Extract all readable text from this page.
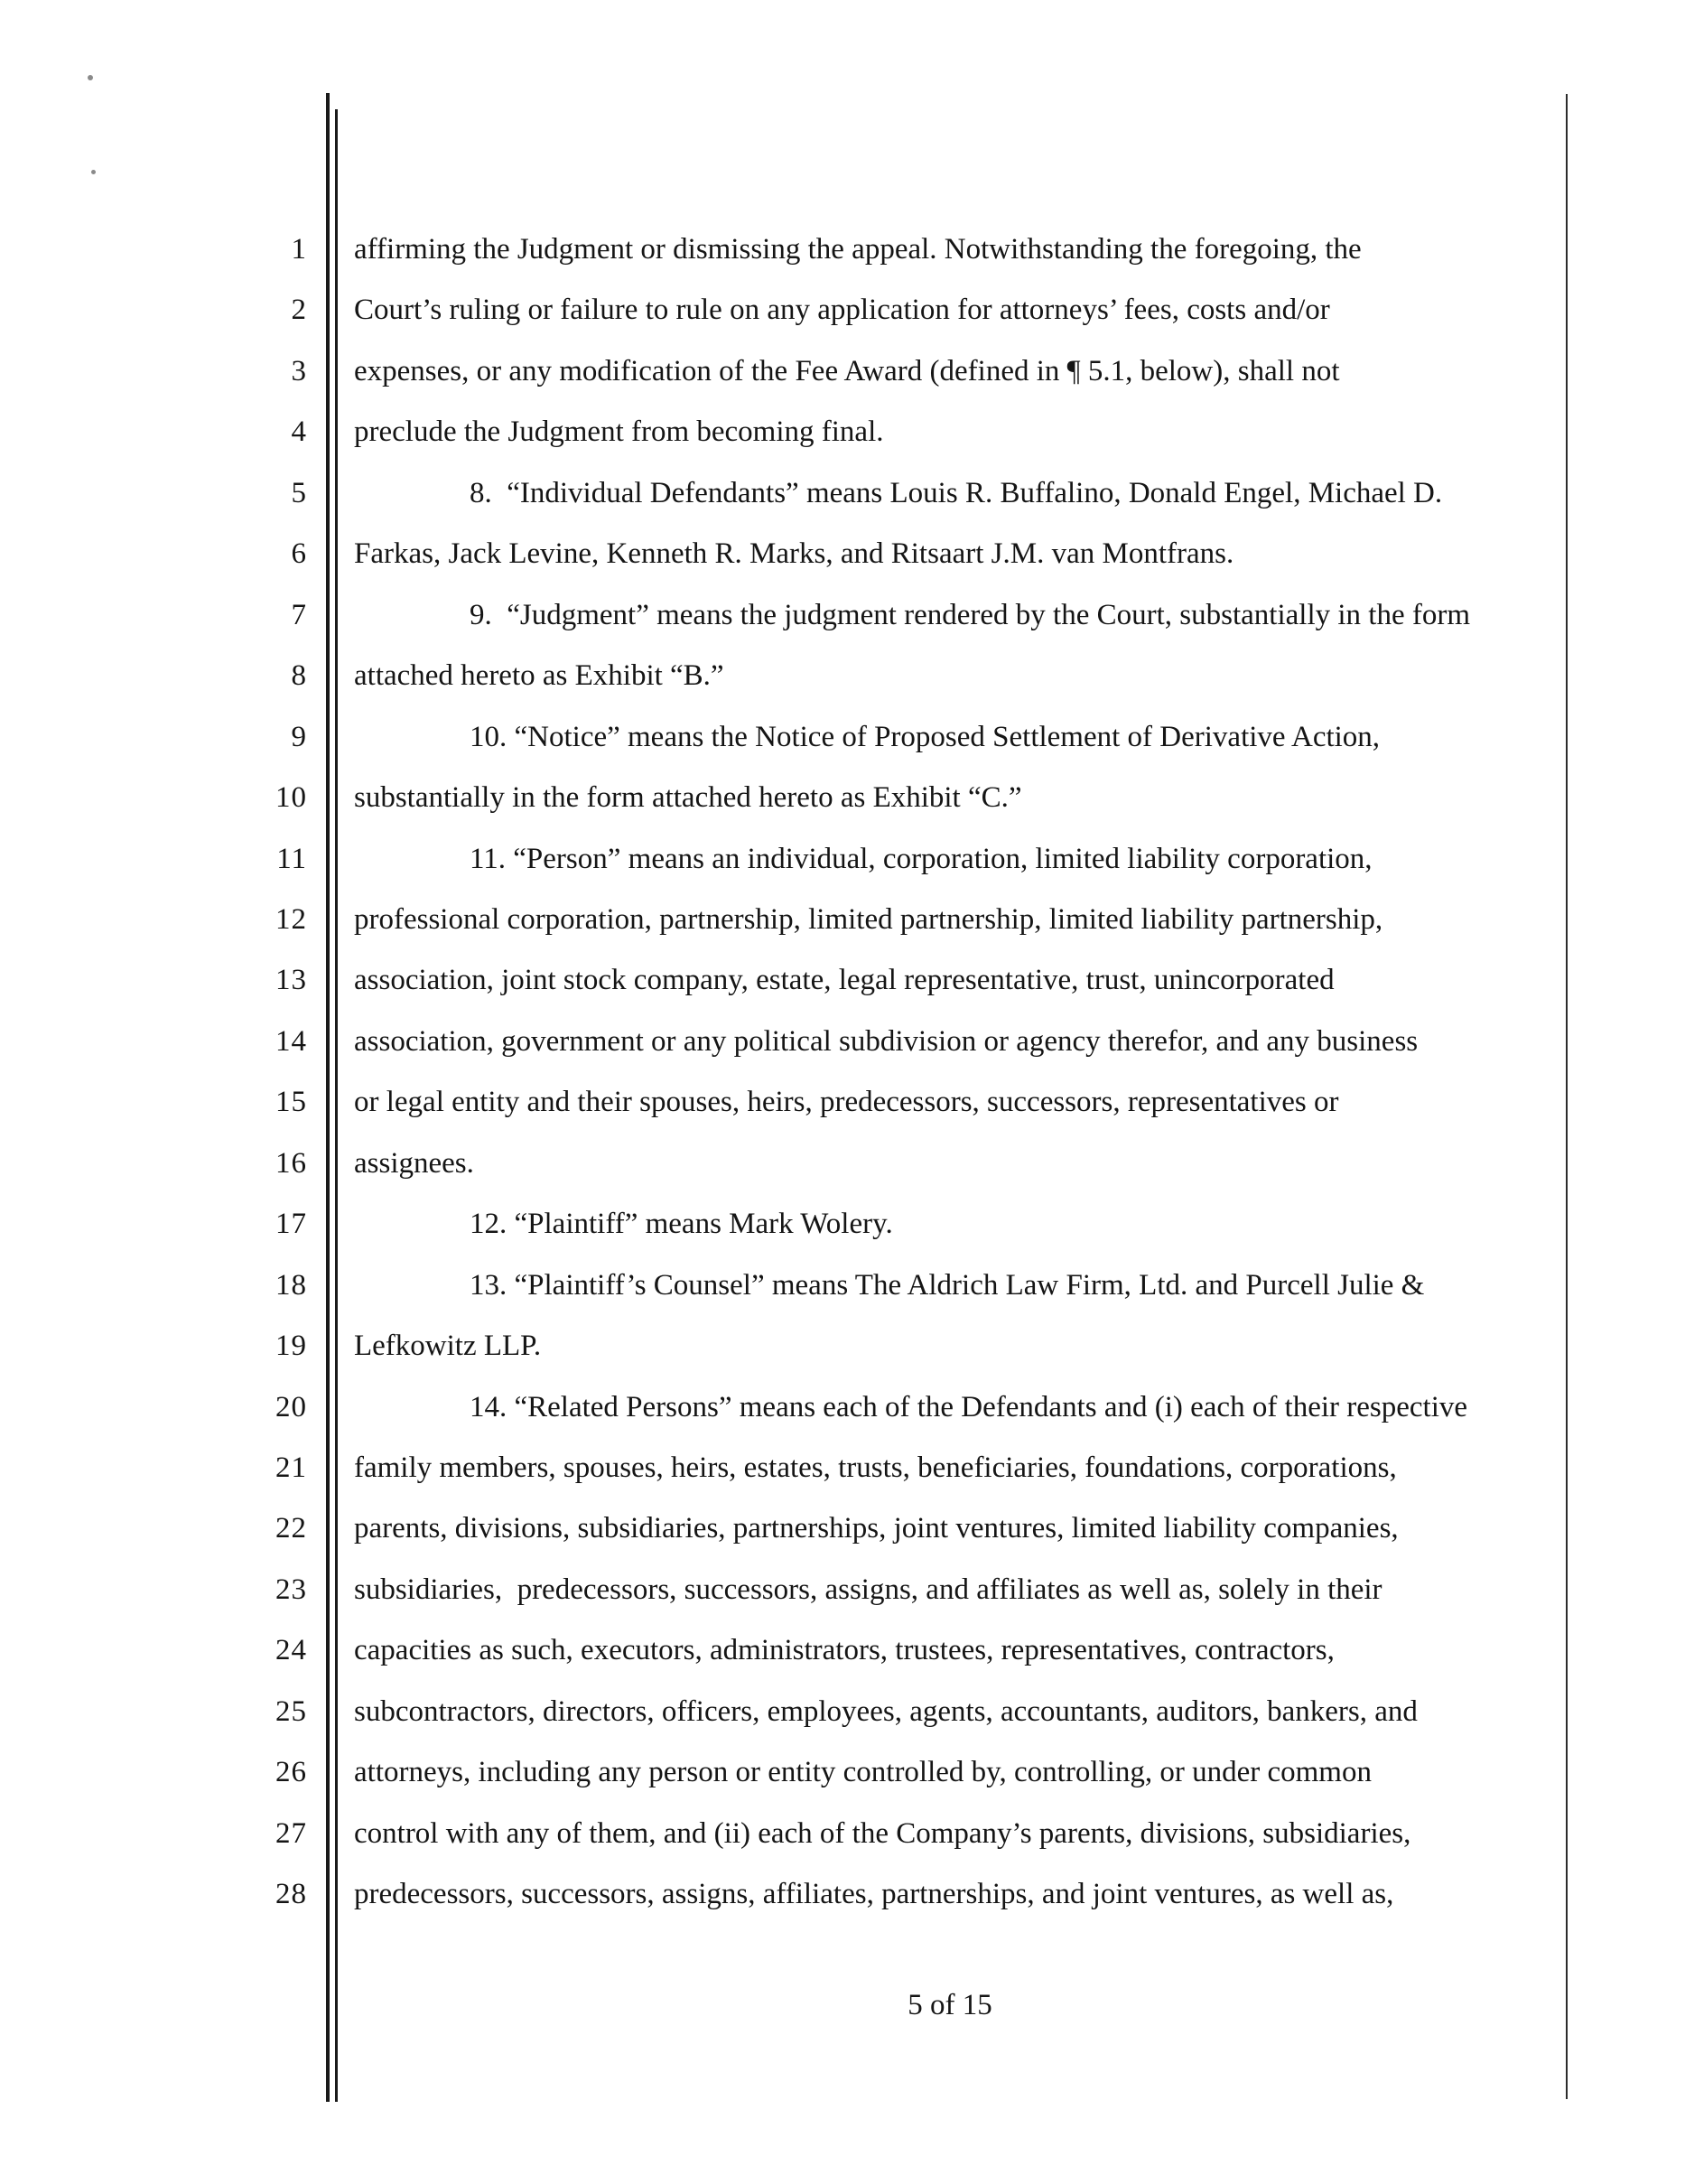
1 affirming the Judgment or dismissing the appeal. Notwithstanding the foregoing, the
2 Court’s ruling or failure to rule on any application for attorneys’ fees, costs and/or
3 expenses, or any modification of the Fee Award (defined in ¶ 5.1, below), shall not
4 preclude the Judgment from becoming final.
5	8.  “Individual Defendants” means Louis R. Buffalino, Donald Engel, Michael D.
6 Farkas, Jack Levine, Kenneth R. Marks, and Ritsaart J.M. van Montfrans.
7	9.  “Judgment” means the judgment rendered by the Court, substantially in the form
8 attached hereto as Exhibit “B.”
9	10. “Notice” means the Notice of Proposed Settlement of Derivative Action,
10 substantially in the form attached hereto as Exhibit “C.”
11	11. “Person” means an individual, corporation, limited liability corporation,
12 professional corporation, partnership, limited partnership, limited liability partnership,
13 association, joint stock company, estate, legal representative, trust, unincorporated
14 association, government or any political subdivision or agency therefor, and any business
15 or legal entity and their spouses, heirs, predecessors, successors, representatives or
16 assignees.
17	12. “Plaintiff” means Mark Wolery.
18	13. “Plaintiff’s Counsel” means The Aldrich Law Firm, Ltd. and Purcell Julie &
19 Lefkowitz LLP.
20	14. “Related Persons” means each of the Defendants and (i) each of their respective
21 family members, spouses, heirs, estates, trusts, beneficiaries, foundations, corporations,
22 parents, divisions, subsidiaries, partnerships, joint ventures, limited liability companies,
23 subsidiaries,  predecessors, successors, assigns, and affiliates as well as, solely in their
24 capacities as such, executors, administrators, trustees, representatives, contractors,
25 subcontractors, directors, officers, employees, agents, accountants, auditors, bankers, and
26 attorneys, including any person or entity controlled by, controlling, or under common
27 control with any of them, and (ii) each of the Company’s parents, divisions, subsidiaries,
28 predecessors, successors, assigns, affiliates, partnerships, and joint ventures, as well as,
5 of 15
